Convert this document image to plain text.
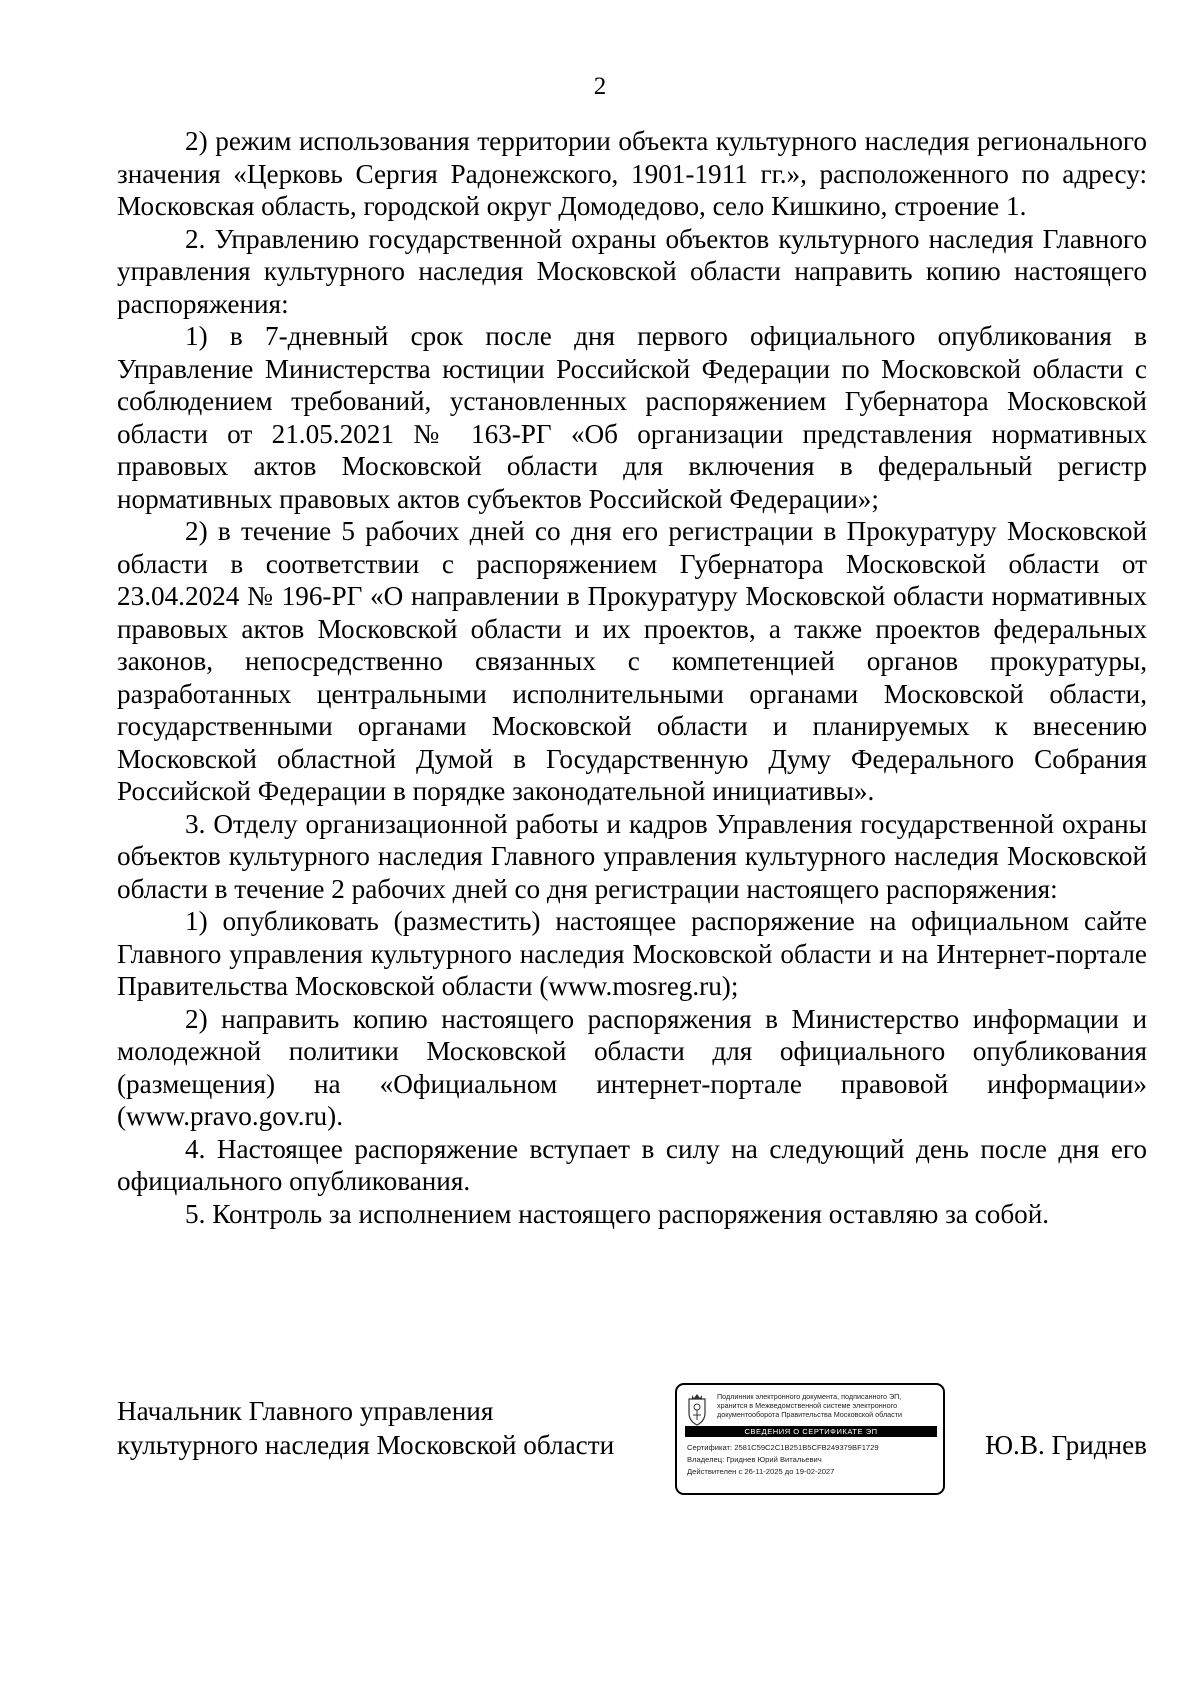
2

2) режим использования территории объекта культурного наследия регионального значения «Церковь Сергия Радонежского, 1901-1911 гг.», расположенного по адресу: Московская область, городской округ Домодедово, село Кишкино, строение 1.

2. Управлению государственной охраны объектов культурного наследия Главного управления культурного наследия Московской области направить копию настоящего распоряжения:

1) в 7-дневный срок после дня первого официального опубликования в Управление Министерства юстиции Российской Федерации по Московской области с соблюдением требований, установленных распоряжением Губернатора Московской области от 21.05.2021 № 163-РГ «Об организации представления нормативных правовых актов Московской области для включения в федеральный регистр нормативных правовых актов субъектов Российской Федерации»;

2) в течение 5 рабочих дней со дня его регистрации в Прокуратуру Московской области в соответствии с распоряжением Губернатора Московской области от 23.04.2024 № 196-РГ «О направлении в Прокуратуру Московской области нормативных правовых актов Московской области и их проектов, а также проектов федеральных законов, непосредственно связанных с компетенцией органов прокуратуры, разработанных центральными исполнительными органами Московской области, государственными органами Московской области и планируемых к внесению Московской областной Думой в Государственную Думу Федерального Собрания Российской Федерации в порядке законодательной инициативы».

3. Отделу организационной работы и кадров Управления государственной охраны объектов культурного наследия Главного управления культурного наследия Московской области в течение 2 рабочих дней со дня регистрации настоящего распоряжения:

1) опубликовать (разместить) настоящее распоряжение на официальном сайте Главного управления культурного наследия Московской области и на Интернет-портале Правительства Московской области (www.mosreg.ru);

2) направить копию настоящего распоряжения в Министерство информации и молодежной политики Московской области для официального опубликования (размещения) на «Официальном интернет-портале правовой информации» (www.pravo.gov.ru).

4. Настоящее распоряжение вступает в силу на следующий день после дня его официального опубликования.

5. Контроль за исполнением настоящего распоряжения оставляю за собой.

Начальник Главного управления
культурного наследия Московской области
Подлинник электронного документа, подписанного ЭП,
хранится в Межведомственной системе электронного
документооборота Правительства Московской области
СВЕДЕНИЯ О СЕРТИФИКАТЕ ЭП
Сертификат: 2581C59C2C1B251B5CFB249379BF1729
Владелец: Гриднев Юрий Витальевич
Действителен с 26-11-2025 до 19-02-2027
Ю.В. Гриднев
